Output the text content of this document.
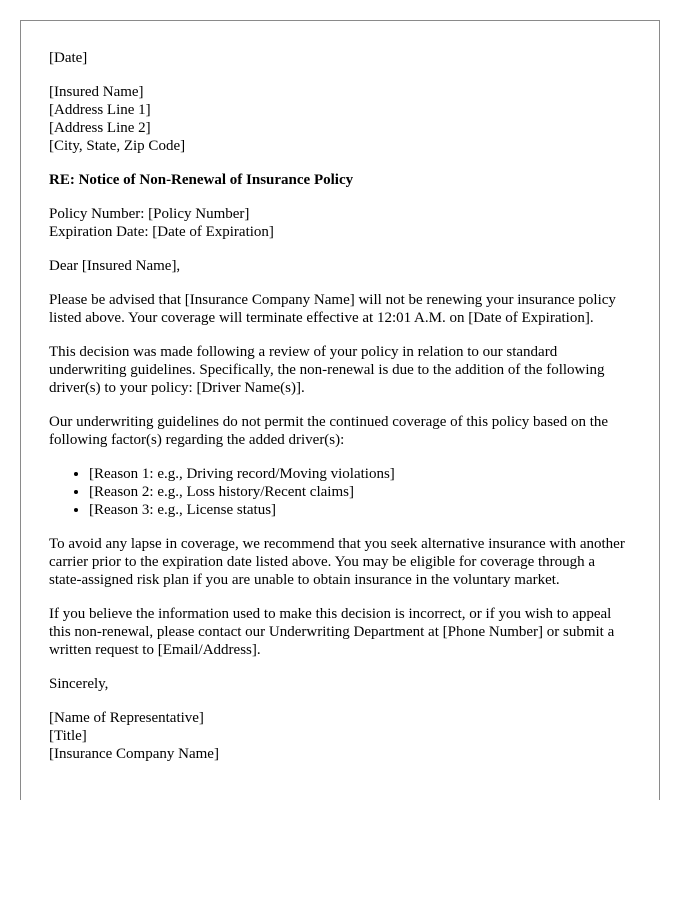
[Date]
[Insured Name]
[Address Line 1]
[Address Line 2]
[City, State, Zip Code]
RE: Notice of Non-Renewal of Insurance Policy
Policy Number: [Policy Number]
Expiration Date: [Date of Expiration]

Dear [Insured Name],

Please be advised that [Insurance Company Name] will not be renewing your insurance policy listed above. Your coverage will terminate effective at 12:01 A.M. on [Date of Expiration].

This decision was made following a review of your policy in relation to our standard underwriting guidelines. Specifically, the non-renewal is due to the addition of the following driver(s) to your policy: [Driver Name(s)].

Our underwriting guidelines do not permit the continued coverage of this policy based on the following factor(s) regarding the added driver(s):

• [Reason 1: e.g., Driving record/Moving violations]
• [Reason 2: e.g., Loss history/Recent claims]
• [Reason 3: e.g., License status]

To avoid any lapse in coverage, we recommend that you seek alternative insurance with another carrier prior to the expiration date listed above. You may be eligible for coverage through a state-assigned risk plan if you are unable to obtain insurance in the voluntary market.

If you believe the information used to make this decision is incorrect, or if you wish to appeal this non-renewal, please contact our Underwriting Department at [Phone Number] or submit a written request to [Email/Address].

Sincerely,

[Name of Representative]
[Title]
[Insurance Company Name]
